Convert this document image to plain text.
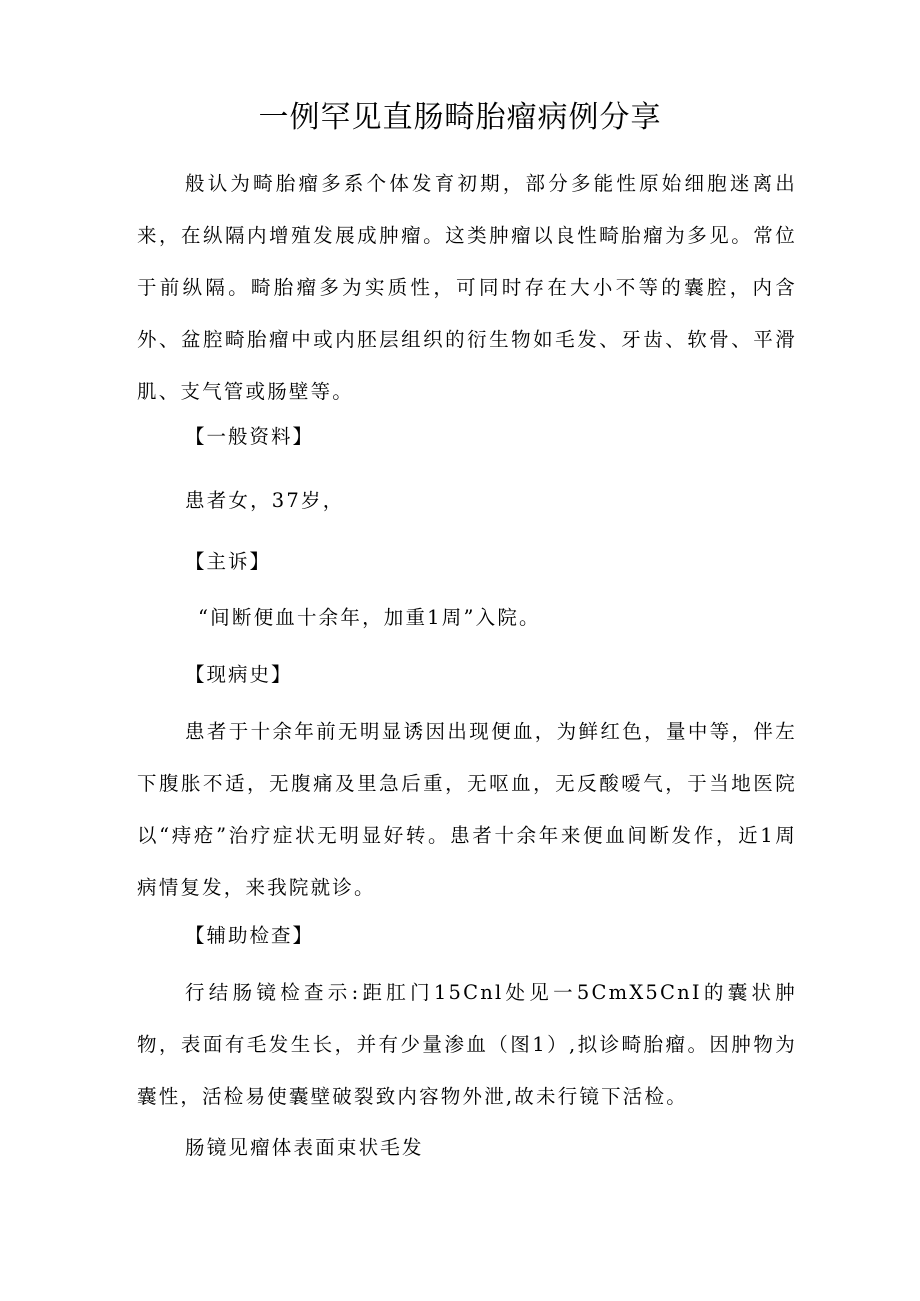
一例罕见直肠畸胎瘤病例分享

般认为畸胎瘤多系个体发育初期，部分多能性原始细胞迷离出来，在纵隔内增殖发展成肿瘤。这类肿瘤以良性畸胎瘤为多见。常位于前纵隔。畸胎瘤多为实质性，可同时存在大小不等的囊腔，内含外、盆腔畸胎瘤中或内胚层组织的衍生物如毛发、牙齿、软骨、平滑肌、支气管或肠壁等。

【一般资料】

患者女，37岁，

【主诉】

“间断便血十余年，加重1周”入院。

【现病史】

患者于十余年前无明显诱因出现便血，为鲜红色，量中等，伴左下腹胀不适，无腹痛及里急后重，无呕血，无反酸嗳气，于当地医院以“痔疮”治疗症状无明显好转。患者十余年来便血间断发作，近1周病情复发，来我院就诊。

【辅助检查】

行结肠镜检查示:距肛门15Cnl处见一5CmX5CnI的囊状肿物，表面有毛发生长，并有少量渗血（图1）,拟诊畸胎瘤。因肿物为囊性，活检易使囊壁破裂致内容物外泄,故未行镜下活检。

肠镜见瘤体表面束状毛发
